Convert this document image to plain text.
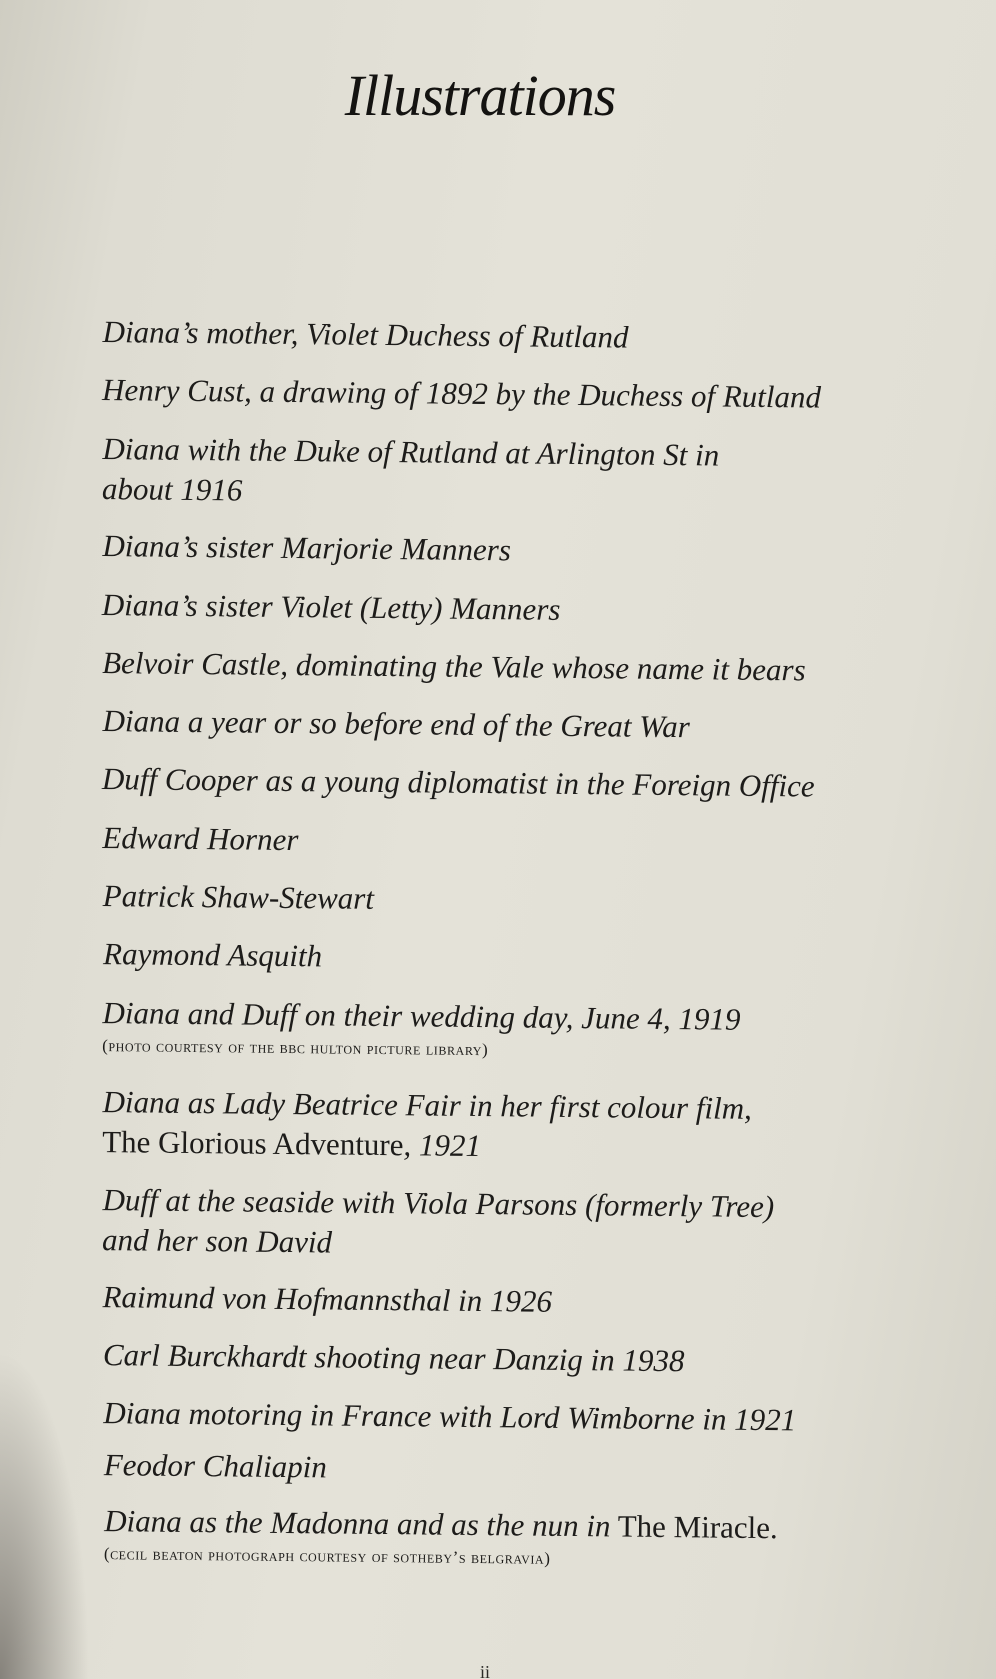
Illustrations
Diana’s mother, Violet Duchess of Rutland
Henry Cust, a drawing of 1892 by the Duchess of Rutland
Diana with the Duke of Rutland at Arlington St in
about 1916
Diana’s sister Marjorie Manners
Diana’s sister Violet (Letty) Manners
Belvoir Castle, dominating the Vale whose name it bears
Diana a year or so before end of the Great War
Duff Cooper as a young diplomatist in the Foreign Office
Edward Horner
Patrick Shaw-Stewart
Raymond Asquith
Diana and Duff on their wedding day, June 4, 1919
(photo courtesy of the bbc hulton picture library)
Diana as Lady Beatrice Fair in her first colour film,
The Glorious Adventure, 1921
Duff at the seaside with Viola Parsons (formerly Tree)
and her son David
Raimund von Hofmannsthal in 1926
Carl Burckhardt shooting near Danzig in 1938
Diana motoring in France with Lord Wimborne in 1921
Feodor Chaliapin
Diana as the Madonna and as the nun in The Miracle.
(cecil beaton photograph courtesy of sotheby’s belgravia)
ii
